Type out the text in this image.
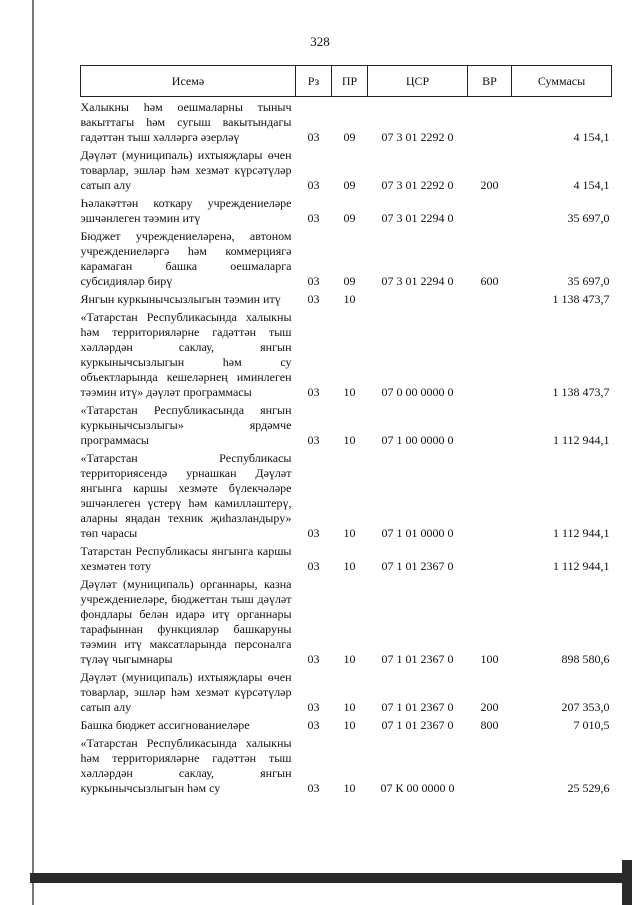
328
Исемә	Рз	ПР	ЦСР	ВР	Суммасы
Халыкны һәм оешмаларны тыныч вакыттагы һәм сугыш вакытындагы гадәттән тыш хәлләргә әзерләү	03	09	07 3 01 2292 0		4 154,1
Дәүләт (муниципаль) ихтыяҗлары өчен товарлар, эшләр һәм хезмәт күрсәтүләр сатып алу	03	09	07 3 01 2292 0	200	4 154,1
Һәлакәттән коткару учреждениеләре эшчәнлеген тәэмин итү	03	09	07 3 01 2294 0		35 697,0
Бюджет учреждениеләренә, автоном учреждениеләргә һәм коммерциягә карамаган башка оешмаларга субсидияләр бирү	03	09	07 3 01 2294 0	600	35 697,0
Янгын куркынычсызлыгын тәэмин итү	03	10			1 138 473,7
«Татарстан Республикасында халыкны һәм территорияләрне гадәттән тыш хәлләрдән саклау, янгын куркынычсызлыгын һәм су объектларында кешеләрнең иминлеген тәэмин итү» дәүләт программасы	03	10	07 0 00 0000 0		1 138 473,7
«Татарстан Республикасында янгын куркынычсызлыгы» ярдәмче программасы	03	10	07 1 00 0000 0		1 112 944,1
«Татарстан Республикасы территориясендә урнашкан Дәүләт янгынга каршы хезмәте бүлекчәләре эшчәнлеген үстерү һәм камилләштерү, аларны яңадан техник җиһазландыру» төп чарасы	03	10	07 1 01 0000 0		1 112 944,1
Татарстан Республикасы янгынга каршы хезмәтен тоту	03	10	07 1 01 2367 0		1 112 944,1
Дәүләт (муниципаль) органнары, казна учреждениеләре, бюджеттан тыш дәүләт фондлары белән идарә итү органнары тарафыннан функцияләр башкаруны тәэмин итү максатларында персоналга түләү чыгымнары	03	10	07 1 01 2367 0	100	898 580,6
Дәүләт (муниципаль) ихтыяҗлары өчен товарлар, эшләр һәм хезмәт күрсәтүләр сатып алу	03	10	07 1 01 2367 0	200	207 353,0
Башка бюджет ассигнованиеләре	03	10	07 1 01 2367 0	800	7 010,5
«Татарстан Республикасында халыкны һәм территорияләрне гадәттән тыш хәлләрдән саклау, янгын куркынычсызлыгын һәм су	03	10	07 К 00 0000 0		25 529,6
